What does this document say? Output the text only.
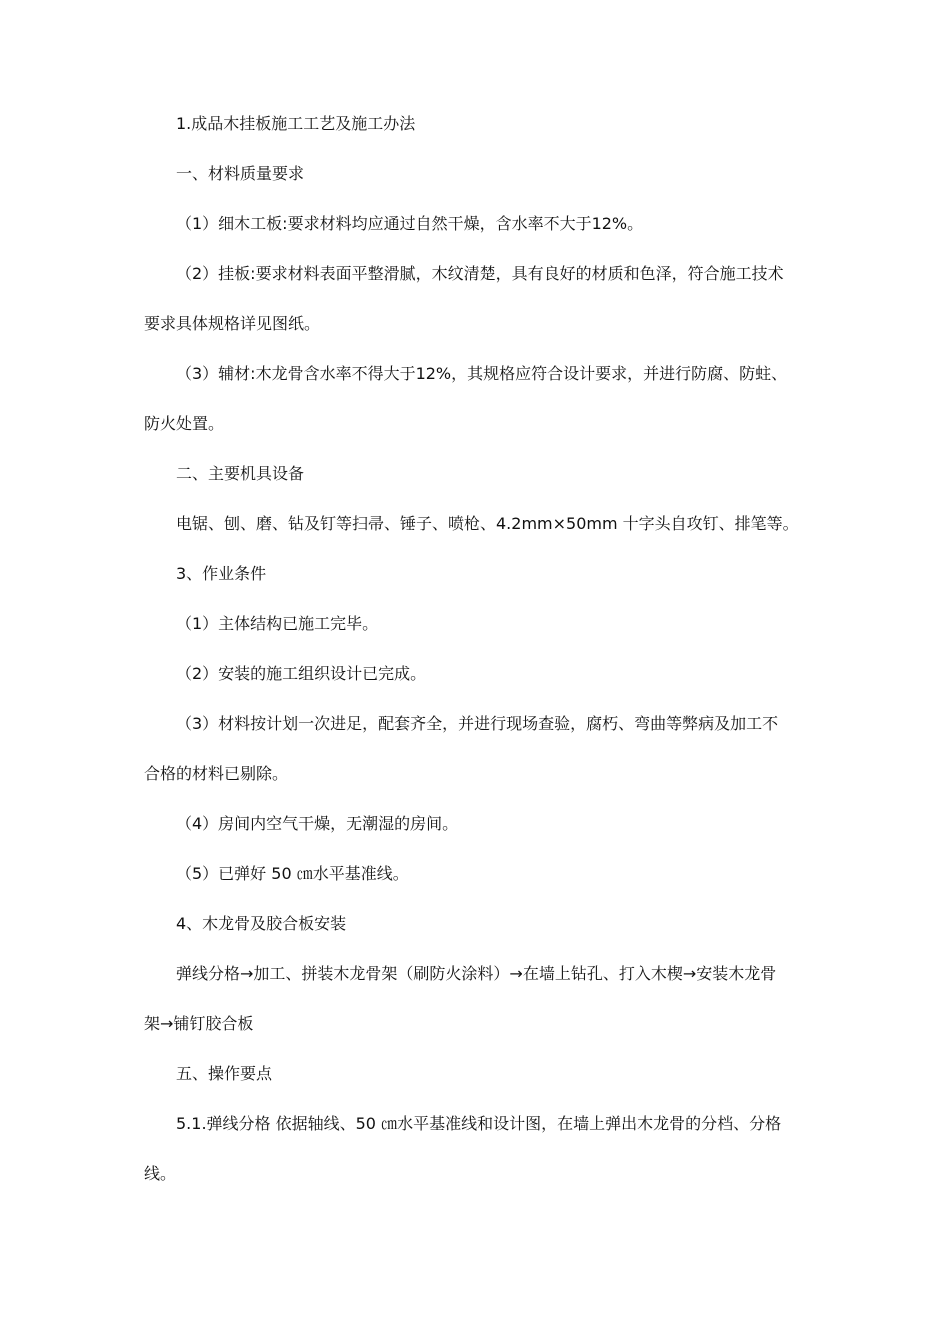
1.成品木挂板施工工艺及施工办法
一、材料质量要求
（1）细木工板:要求材料均应通过自然干燥，含水率不大于12%。
（2）挂板:要求材料表面平整滑腻，木纹清楚，具有良好的材质和色泽，符合施工技术
要求具体规格详见图纸。
（3）辅材:木龙骨含水率不得大于12%，其规格应符合设计要求，并进行防腐、防蛀、
防火处置。
二、主要机具设备
电锯、刨、磨、钻及钉等扫帚、锤子、喷枪、4.2mm×50mm 十字头自攻钉、排笔等。
3、作业条件
（1）主体结构已施工完毕。
（2）安装的施工组织设计已完成。
（3）材料按计划一次进足，配套齐全，并进行现场查验，腐朽、弯曲等弊病及加工不
合格的材料已剔除。
（4）房间内空气干燥，无潮湿的房间。
（5）已弹好 50 ㎝水平基准线。
4、木龙骨及胶合板安装
弹线分格→加工、拼装木龙骨架（刷防火涂料）→在墙上钻孔、打入木楔→安装木龙骨
架→铺钉胶合板
五、操作要点
5.1.弹线分格 依据轴线、50 ㎝水平基准线和设计图，在墙上弹出木龙骨的分档、分格
线。
